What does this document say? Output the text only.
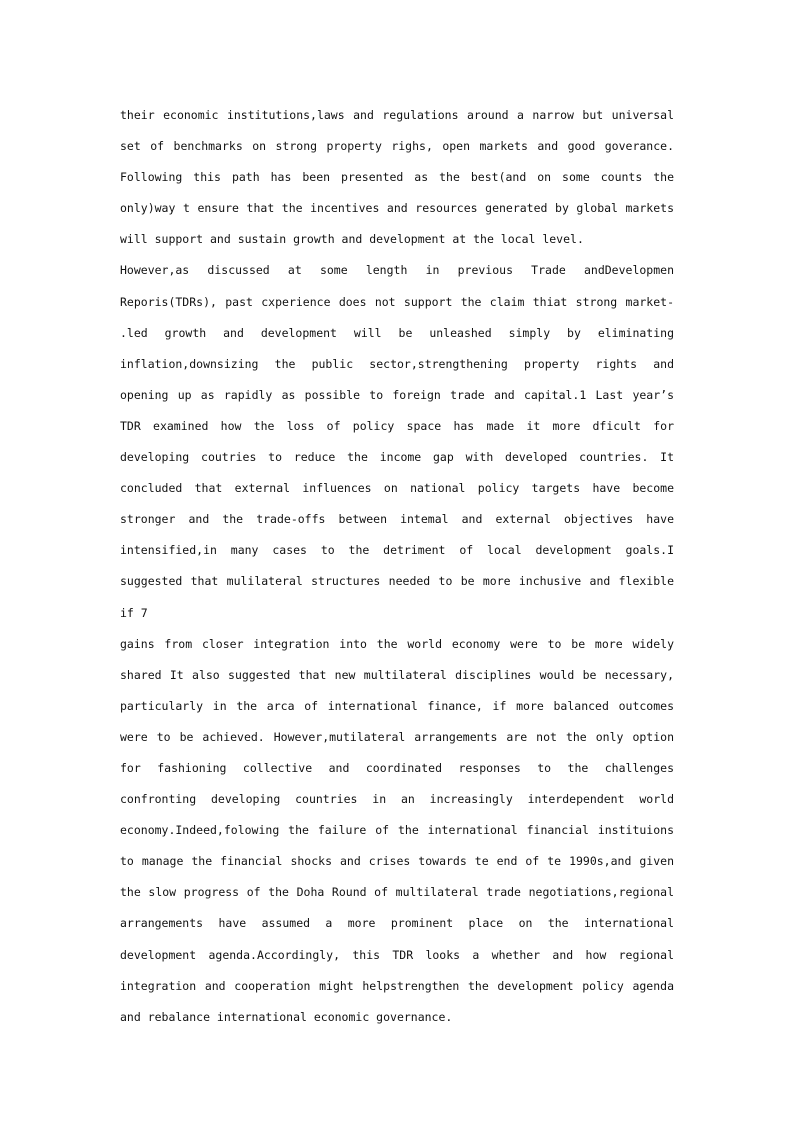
their economic institutions,laws and regulations around a narrow but universal
set of benchmarks on strong property righs, open markets and good goverance.
Following this path has been presented as the best(and on some counts the
only)way t ensure that the incentives and resources generated by global markets
will support and sustain growth and development at the local level.
However,as discussed at some length in previous Trade andDevelopmen
Reporis(TDRs), past cxperience does not support the claim thiat strong market-
.led growth and development will be unleashed simply by eliminating
inflation,downsizing the public sector,strengthening property rights and
opening up as rapidly as possible to foreign trade and capital.1 Last year’s
TDR examined how the loss of policy space has made it more dficult for
developing coutries to reduce the income gap with developed countries. It
concluded that external influences on national policy targets have become
stronger and the trade-offs between intemal and external objectives have
intensified,in many cases to the detriment of local development goals.I
suggested that mulilateral structures needed to be more inchusive and flexible
if 7
gains from closer integration into the world economy were to be more widely
shared It also suggested that new multilateral disciplines would be necessary,
particularly in the arca of international finance, if more balanced outcomes
were to be achieved. However,mutilateral arrangements are not the only option
for fashioning collective and coordinated responses to the challenges
confronting developing countries in an increasingly interdependent world
economy.Indeed,folowing the failure of the international financial instituions
to manage the financial shocks and crises towards te end of te 1990s,and given
the slow progress of the Doha Round of multilateral trade negotiations,regional
arrangements have assumed a more prominent place on the international
development agenda.Accordingly, this TDR looks a whether and how regional
integration and cooperation might helpstrengthen the development policy agenda
and rebalance international economic governance.
